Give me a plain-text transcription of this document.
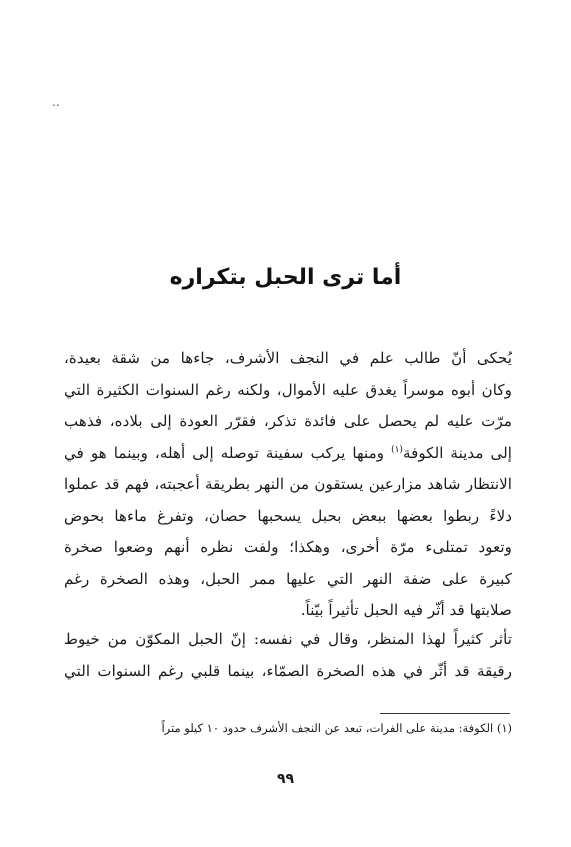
..
أما ترى الحبل بتكراره
يُحكى أنّ طالب علم في النجف الأشرف، جاءها من شقة بعيدة،
وكان أبوه موسراً يغدق عليه الأموال، ولكنه رغم السنوات الكثيرة التي
مرّت عليه لم يحصل على فائدة تذكر، فقرّر العودة إلى بلاده، فذهب
إلى مدينة الكوفة$^{(١)}$ ومنها يركب سفينة توصله إلى أهله، وبينما هو في
الانتظار شاهد مزارعين يستقون من النهر بطريقة أعجبته، فهم قد عملوا
دلاءً ربطوا بعضها ببعض بحبل يسحبها حصان، وتفرغ ماءها بحوض
وتعود تمتلىء مرّة أخرى، وهكذا؛ ولفت نظره أنهم وضعوا صخرة
كبيرة على ضفة النهر التي عليها ممر الحبل، وهذه الصخرة رغم
صلابتها قد أثّر فيه الحبل تأثيراً بيّناً.
تأثر كثيراً لهذا المنظر، وقال في نفسه: إنّ الحبل المكوّن من خيوط
رقيقة قد أثّر في هذه الصخرة الصمّاء، بينما قلبي رغم السنوات التي
(١) الكوفة: مدينة على الفرات، تبعد عن النجف الأشرف حدود ١٠ كيلو متراً
٩٩
